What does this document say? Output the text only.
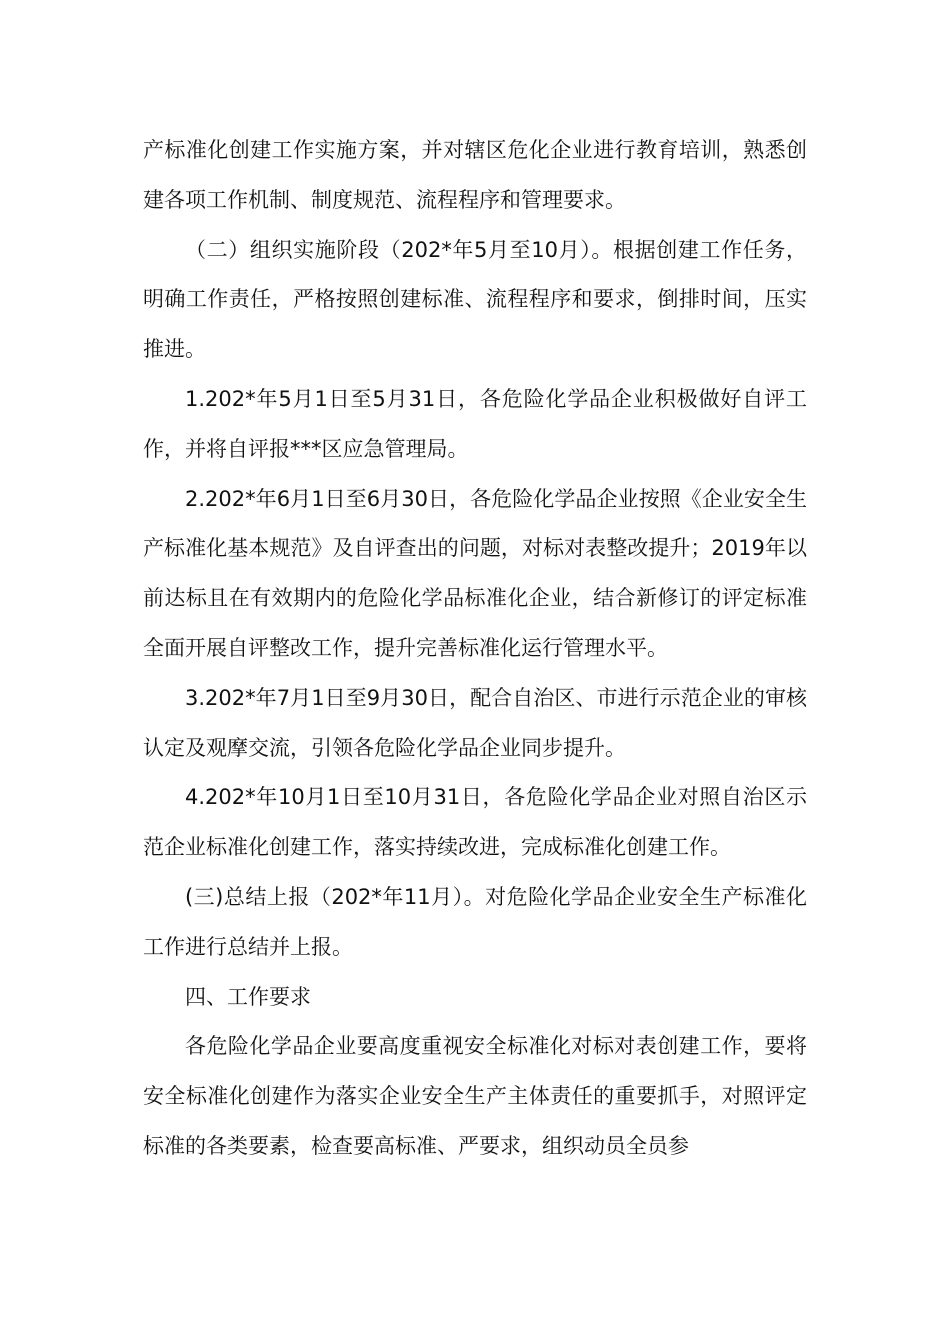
产标准化创建工作实施方案，并对辖区危化企业进行教育培训，熟悉创建各项工作机制、制度规范、流程程序和管理要求。

（二）组织实施阶段（202*年5月至10月）。根据创建工作任务，明确工作责任，严格按照创建标准、流程程序和要求，倒排时间，压实推进。

1.202*年5月1日至5月31日，各危险化学品企业积极做好自评工作，并将自评报***区应急管理局。

2.202*年6月1日至6月30日，各危险化学品企业按照《企业安全生产标准化基本规范》及自评查出的问题，对标对表整改提升；2019年以前达标且在有效期内的危险化学品标准化企业，结合新修订的评定标准全面开展自评整改工作，提升完善标准化运行管理水平。

3.202*年7月1日至9月30日，配合自治区、市进行示范企业的审核认定及观摩交流，引领各危险化学品企业同步提升。

4.202*年10月1日至10月31日，各危险化学品企业对照自治区示范企业标准化创建工作，落实持续改进，完成标准化创建工作。

(三)总结上报（202*年11月）。对危险化学品企业安全生产标准化工作进行总结并上报。

四、工作要求

各危险化学品企业要高度重视安全标准化对标对表创建工作，要将安全标准化创建作为落实企业安全生产主体责任的重要抓手，对照评定标准的各类要素，检查要高标准、严要求，组织动员全员参
